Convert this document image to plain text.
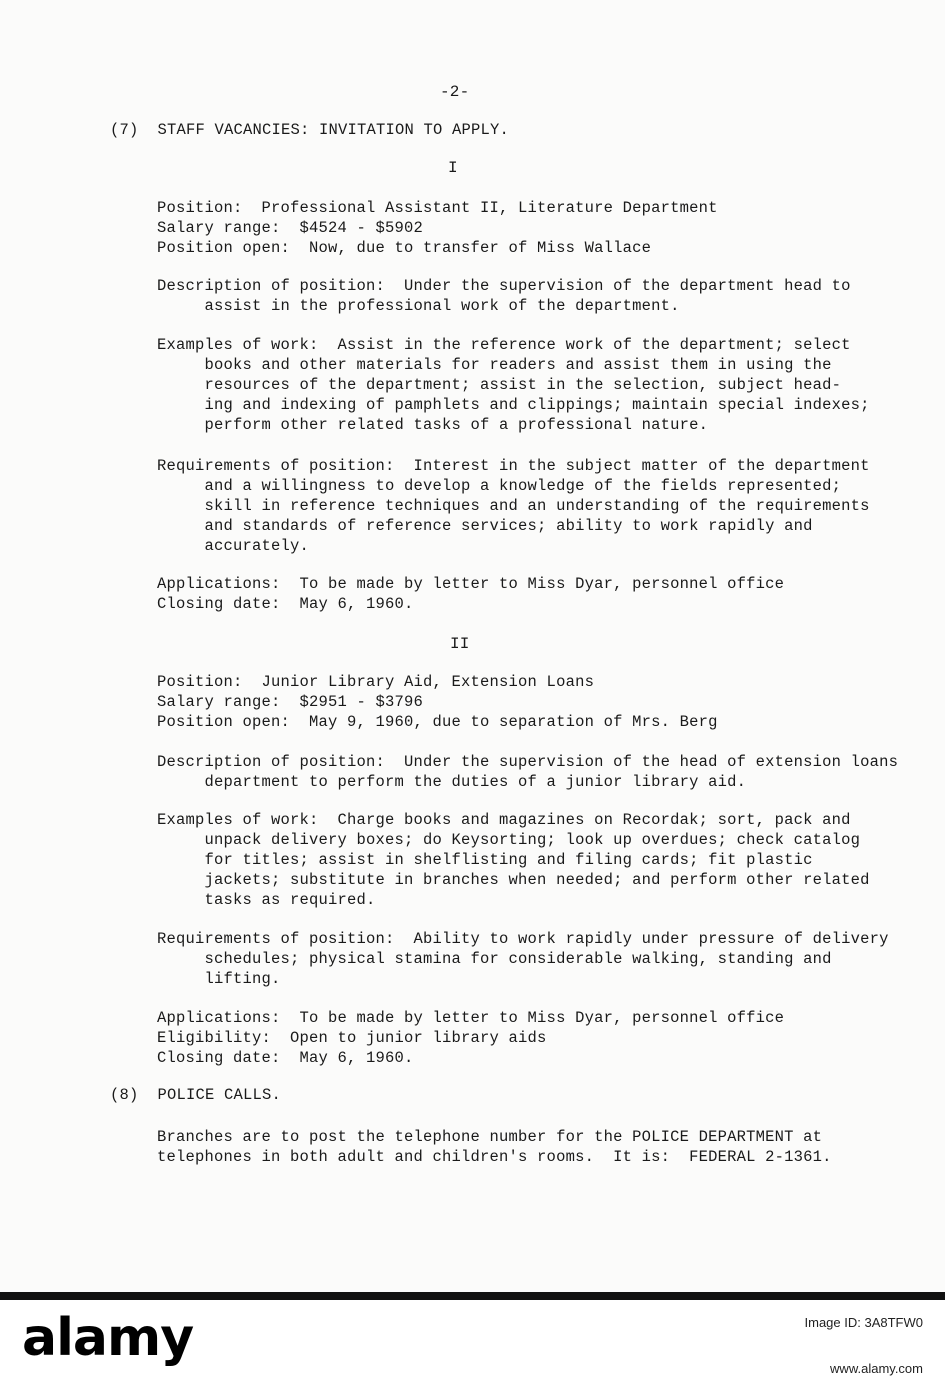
-2-
(7)  STAFF VACANCIES: INVITATION TO APPLY.
I
Position:  Professional Assistant II, Literature Department
Salary range:  $4524 - $5902
Position open:  Now, due to transfer of Miss Wallace
Description of position:  Under the supervision of the department head to
assist in the professional work of the department.
Examples of work:  Assist in the reference work of the department; select
books and other materials for readers and assist them in using the
resources of the department; assist in the selection, subject head-
ing and indexing of pamphlets and clippings; maintain special indexes;
perform other related tasks of a professional nature.
Requirements of position:  Interest in the subject matter of the department
and a willingness to develop a knowledge of the fields represented;
skill in reference techniques and an understanding of the requirements
and standards of reference services; ability to work rapidly and
accurately.
Applications:  To be made by letter to Miss Dyar, personnel office
Closing date:  May 6, 1960.
II
Position:  Junior Library Aid, Extension Loans
Salary range:  $2951 - $3796
Position open:  May 9, 1960, due to separation of Mrs. Berg
Description of position:  Under the supervision of the head of extension loans
department to perform the duties of a junior library aid.
Examples of work:  Charge books and magazines on Recordak; sort, pack and
unpack delivery boxes; do Keysorting; look up overdues; check catalog
for titles; assist in shelflisting and filing cards; fit plastic
jackets; substitute in branches when needed; and perform other related
tasks as required.
Requirements of position:  Ability to work rapidly under pressure of delivery
schedules; physical stamina for considerable walking, standing and
lifting.
Applications:  To be made by letter to Miss Dyar, personnel office
Eligibility:  Open to junior library aids
Closing date:  May 6, 1960.
(8)  POLICE CALLS.
Branches are to post the telephone number for the POLICE DEPARTMENT at
telephones in both adult and children's rooms.  It is:  FEDERAL 2-1361.
alamy	Image ID: 3A8TFW0
www.alamy.com
